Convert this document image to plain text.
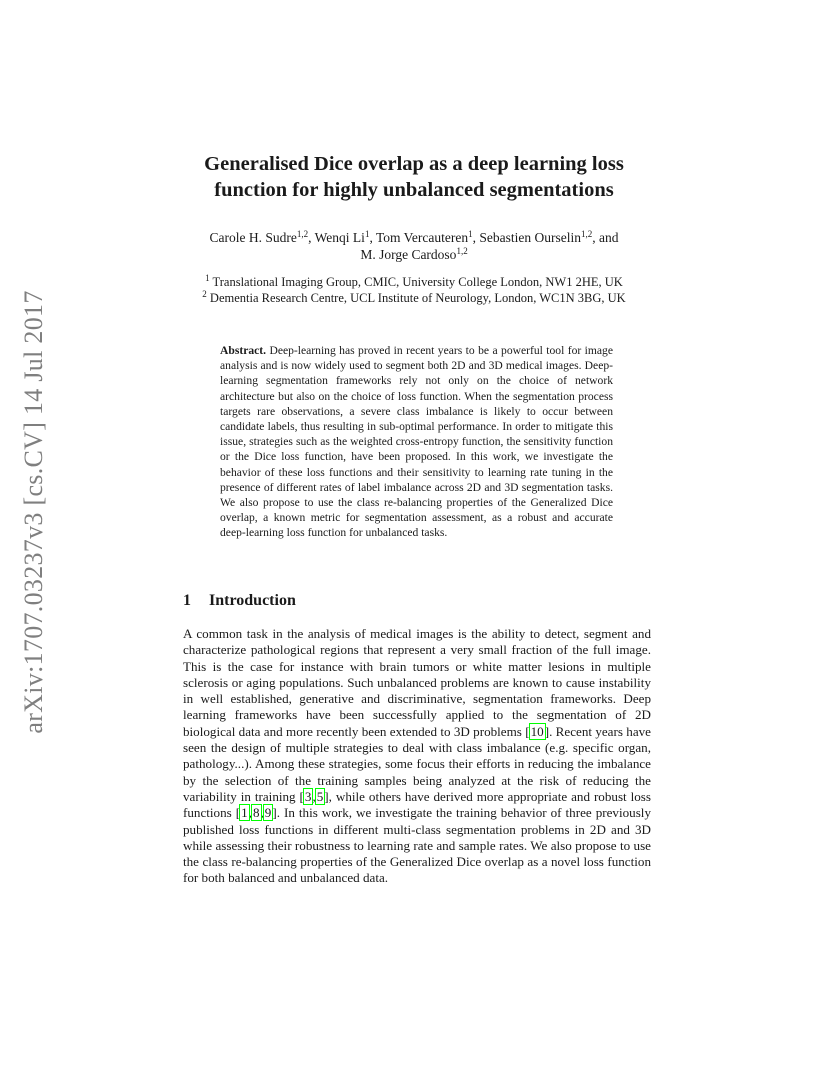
arXiv:1707.03237v3 [cs.CV] 14 Jul 2017
Generalised Dice overlap as a deep learning loss
function for highly unbalanced segmentations
Carole H. Sudre$^{1,2}$, Wenqi Li$^1$, Tom Vercauteren$^1$, Sebastien Ourselin$^{1,2}$, and
M. Jorge Cardoso$^{1,2}$
$^1$ Translational Imaging Group, CMIC, University College London, NW1 2HE, UK
$^2$ Dementia Research Centre, UCL Institute of Neurology, London, WC1N 3BG, UK
Abstract. Deep-learning has proved in recent years to be a powerful tool for image analysis and is now widely used to segment both 2D and 3D medical images. Deep-learning segmentation frameworks rely not only on the choice of network architecture but also on the choice of loss function. When the segmentation process targets rare observations, a severe class imbalance is likely to occur between candidate labels, thus resulting in sub-optimal performance. In order to mitigate this issue, strategies such as the weighted cross-entropy function, the sensitivity function or the Dice loss function, have been proposed. In this work, we investigate the behavior of these loss functions and their sensitivity to learning rate tuning in the presence of different rates of label imbalance across 2D and 3D segmentation tasks. We also propose to use the class re-balancing properties of the Generalized Dice overlap, a known metric for segmentation assessment, as a robust and accurate deep-learning loss function for unbalanced tasks.
1 Introduction

A common task in the analysis of medical images is the ability to detect, segment and characterize pathological regions that represent a very small fraction of the full image. This is the case for instance with brain tumors or white matter lesions in multiple sclerosis or aging populations. Such unbalanced problems are known to cause instability in well established, generative and discriminative, segmentation frameworks. Deep learning frameworks have been successfully applied to the segmentation of 2D biological data and more recently been extended to 3D problems [10]. Recent years have seen the design of multiple strategies to deal with class imbalance (e.g. specific organ, pathology...). Among these strategies, some focus their efforts in reducing the imbalance by the selection of the training samples being analyzed at the risk of reducing the variability in training [3,5], while others have derived more appropriate and robust loss functions [1,8,9]. In this work, we investigate the training behavior of three previously published loss functions in different multi-class segmentation problems in 2D and 3D while assessing their robustness to learning rate and sample rates. We also propose to use the class re-balancing properties of the Generalized Dice overlap as a novel loss function for both balanced and unbalanced data.
